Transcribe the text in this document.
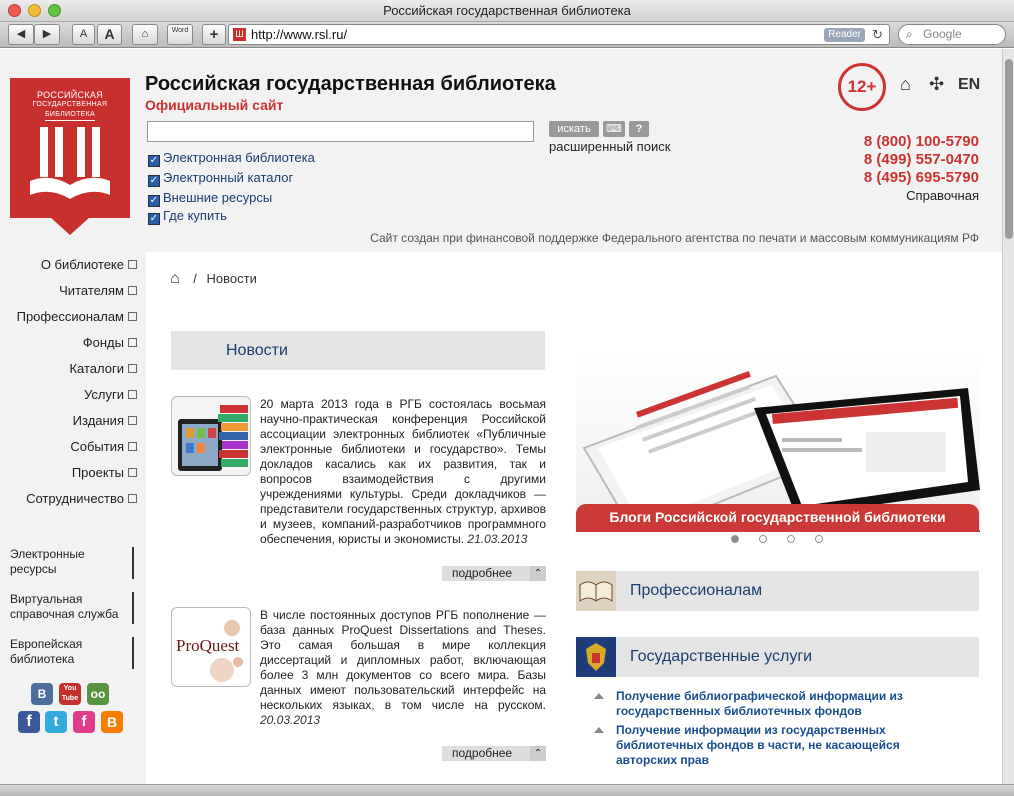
Российская государственная библиотека
◀	▶	A	A	⌂	Word	+	Ш http://www.rsl.ru/	Reader ↻ ⌕ Google
РОССИЙСКАЯ
ГОСУДАРСТВЕННАЯ
БИБЛИОТЕКА
Российская государственная библиотека
Официальный сайт
искать	⌨	?
расширенный поиск
✓ Электронная библиотека
✓ Электронный каталог
✓ Внешние ресурсы
✓ Где купить
12+	⌂ ✣ EN
8 (800) 100-5790
8 (499) 557-0470
8 (495) 695-5790
Справочная
Сайт создан при финансовой поддержке Федерального агентства по печати и массовым коммуникациям РФ
О библиотеке
Читателям
Профессионалам
Фонды
Каталоги
Услуги
Издания
События
Проекты
Сотрудничество
Электронные ресурсы
Виртуальная справочная служба
Европейская библиотека
B	You Tube	oo
f	t	f	B
⌂ / Новости
Новости
20 марта 2013 года в РГБ состоялась восьмая научно-практическая конференция Российской ассоциации электронных библиотек «Публичные электронные библиотеки и государство». Темы докладов касались как их развития, так и вопросов взаимодействия с другими учреждениями культуры. Среди докладчиков — представители государственных структур, архивов и музеев, компаний-разработчиков программного обеспечения, юристы и экономисты. 21.03.2013
подробнее	⌃
ProQuest
В числе постоянных доступов РГБ пополнение — база данных ProQuest Dissertations and Theses. Это самая большая в мире коллекция диссертаций и дипломных работ, включающая более 3 млн документов со всего мира. Базы данных имеют пользовательский интерфейс на нескольких языках, в том числе на русском. 20.03.2013
подробнее	⌃
Блоги Российской государственной библиотеки
Профессионалам
Государственные услуги
Получение библиографической информации из государственных библиотечных фондов
Получение информации из государственных библиотечных фондов в части, не касающейся авторских прав
